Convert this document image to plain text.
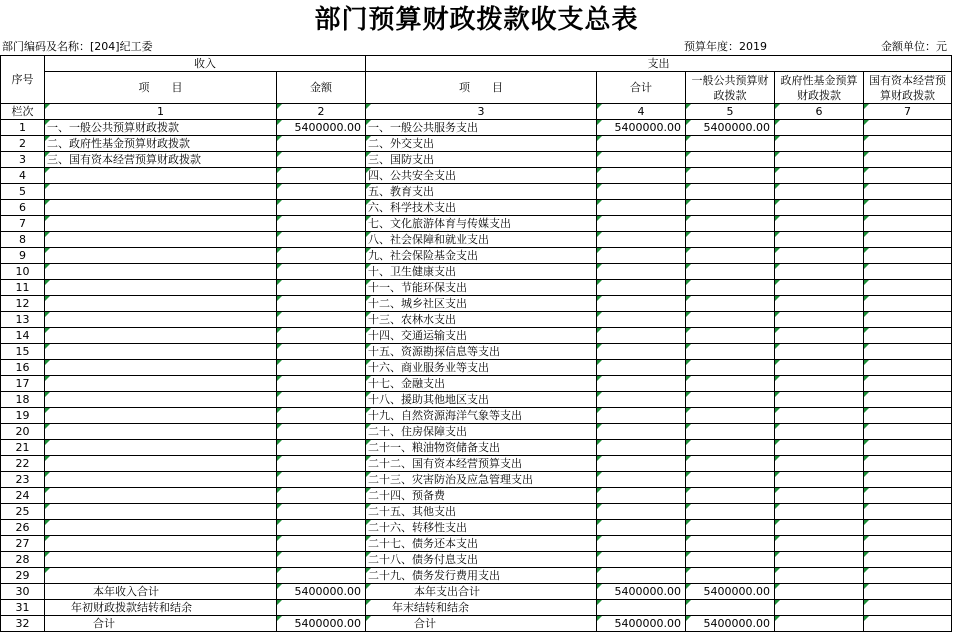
部门预算财政拨款收支总表
部门编码及名称：[204]纪工委	预算年度：2019	金额单位：元
序号	收入		支出				
	项　　目	金额	项　　目	合计	一般公共预算财政拨款	政府性基金预算财政拨款	国有资本经营预算财政拨款
栏次	1	2	3	4	5	6	7
1	一、一般公共预算财政拨款	5400000.00	一、一般公共服务支出	5400000.00	5400000.00		
2	二、政府性基金预算财政拨款		二、外交支出				
3	三、国有资本经营预算财政拨款		三、国防支出				
4			四、公共安全支出				
5			五、教育支出				
6			六、科学技术支出				
7			七、文化旅游体育与传媒支出				
8			八、社会保障和就业支出				
9			九、社会保险基金支出				
10			十、卫生健康支出				
11			十一、节能环保支出				
12			十二、城乡社区支出				
13			十三、农林水支出				
14			十四、交通运输支出				
15			十五、资源勘探信息等支出				
16			十六、商业服务业等支出				
17			十七、金融支出				
18			十八、援助其他地区支出				
19			十九、自然资源海洋气象等支出				
20			二十、住房保障支出				
21			二十一、粮油物资储备支出				
22			二十二、国有资本经营预算支出				
23			二十三、灾害防治及应急管理支出				
24			二十四、预备费				
25			二十五、其他支出				
26			二十六、转移性支出				
27			二十七、债务还本支出				
28			二十八、债务付息支出				
29			二十九、债务发行费用支出				
30	本年收入合计	5400000.00	本年支出合计	5400000.00	5400000.00		
31	年初财政拨款结转和结余		年末结转和结余				
32	合计	5400000.00	合计	5400000.00	5400000.00		
